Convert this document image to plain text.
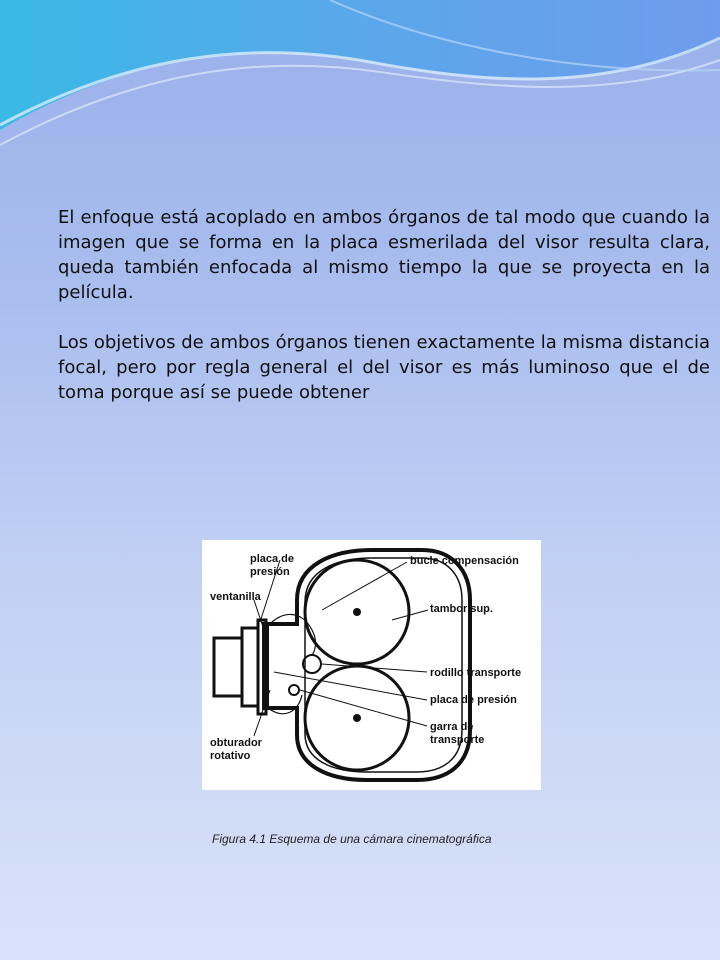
El enfoque está acoplado en ambos órganos de tal modo que cuando la imagen que se forma en la placa esmerilada del visor resulta clara, queda también enfocada al mismo tiempo la que se proyecta en la película.

Los objetivos de ambos órganos tienen exactamente la misma distancia focal, pero por regla general el del visor es más luminoso que el de toma porque así se puede obtener

placa de
presión
ventanilla
obturador
rotativo
bucle compensación
tambor sup.
rodillo transporte
placa de presión
garra de
transporte
Figura 4.1 Esquema de una cámara cinematográfica
